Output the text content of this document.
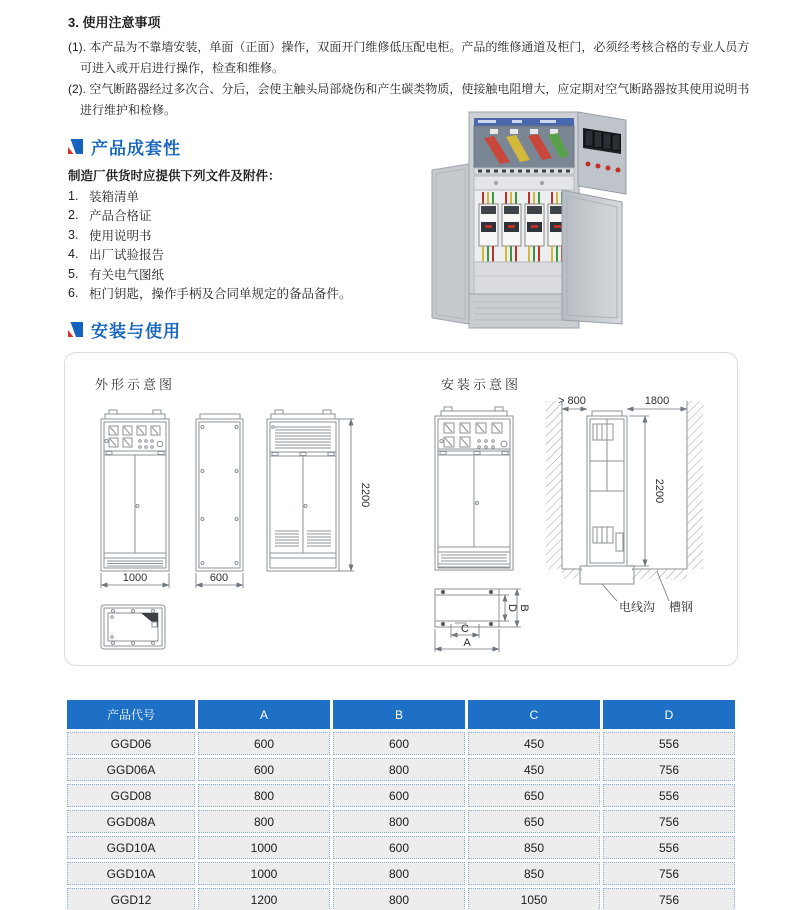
3. 使用注意事项

(1). 本产品为不靠墙安装，单面（正面）操作，双面开门维修低压配电柜。产品的维修通道及柜门，必须经考核合格的专业人员方可进入或开启进行操作，检查和维修。

(2). 空气断路器经过多次合、分后，会使主触头局部烧伤和产生碳类物质，使接触电阻增大，应定期对空气断路器按其使用说明书进行维护和检修。

产品成套性
制造厂供货时应提供下列文件及附件：
1. 装箱清单
2. 产品合格证
3. 使用说明书
4. 出厂试验报告
5. 有关电气图纸
6. 柜门钥匙，操作手柄及合同单规定的备品备件。
安装与使用
外形示意图
1000	600
2200
安装示意图
> 800	1800
2200
电线沟 槽钢
D B
C
A
产品代号	A	B	C	D
GGD06	600	600	450	556
GGD06A	600	800	450	756
GGD08	800	600	650	556
GGD08A	800	800	650	756
GGD10A	1000	600	850	556
GGD10A	1000	800	850	756
GGD12	1200	800	1050	756
